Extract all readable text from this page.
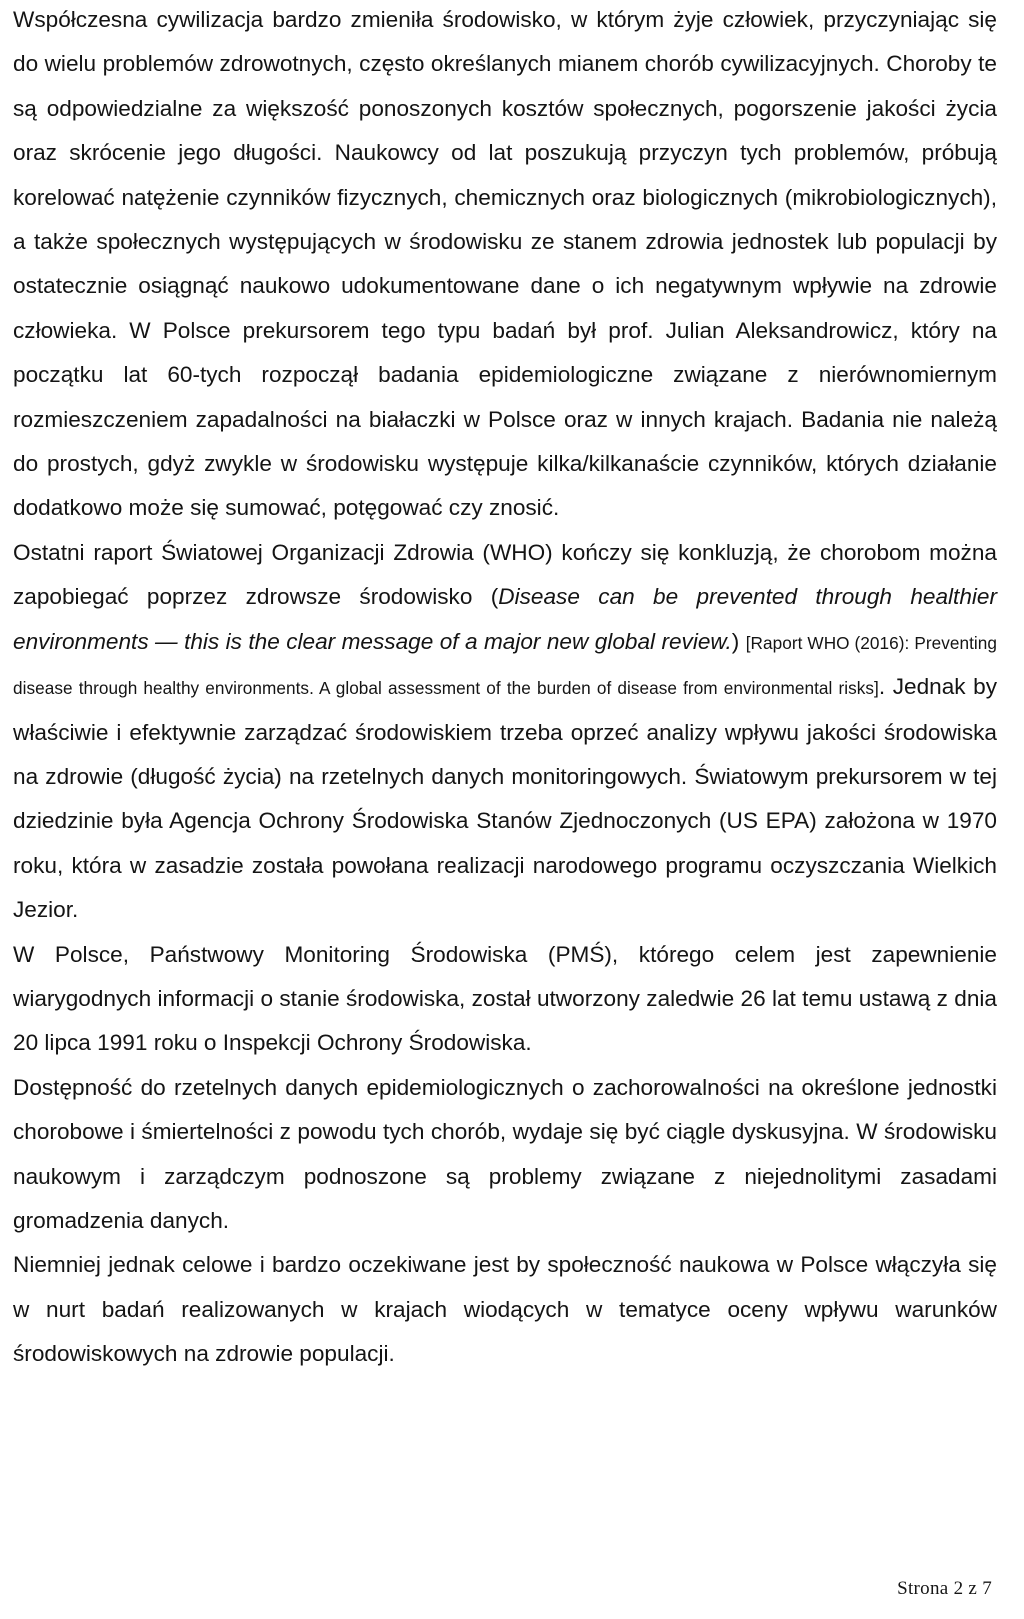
Współczesna cywilizacja bardzo zmieniła środowisko, w którym żyje człowiek, przyczyniając się do wielu problemów zdrowotnych, często określanych mianem chorób cywilizacyjnych. Choroby te są odpowiedzialne za większość ponoszonych kosztów społecznych, pogorszenie jakości życia oraz skrócenie jego długości. Naukowcy od lat poszukują przyczyn tych problemów, próbują korelować natężenie czynników fizycznych, chemicznych oraz biologicznych (mikrobiologicznych), a także społecznych występujących w środowisku ze stanem zdrowia jednostek lub populacji by ostatecznie osiągnąć naukowo udokumentowane dane o ich negatywnym wpływie na zdrowie człowieka. W Polsce prekursorem tego typu badań był prof. Julian Aleksandrowicz, który na początku lat 60-tych rozpoczął badania epidemiologiczne związane z nierównomiernym rozmieszczeniem zapadalności na białaczki w Polsce oraz w innych krajach. Badania nie należą do prostych, gdyż zwykle w środowisku występuje kilka/kilkanaście czynników, których działanie dodatkowo może się sumować, potęgować czy znosić.

Ostatni raport Światowej Organizacji Zdrowia (WHO) kończy się konkluzją, że chorobom można zapobiegać poprzez zdrowsze środowisko (Disease can be prevented through healthier environments — this is the clear message of a major new global review.) [Raport WHO (2016): Preventing disease through healthy environments. A global assessment of the burden of disease from environmental risks]. Jednak by właściwie i efektywnie zarządzać środowiskiem trzeba oprzeć analizy wpływu jakości środowiska na zdrowie (długość życia) na rzetelnych danych monitoringowych. Światowym prekursorem w tej dziedzinie była Agencja Ochrony Środowiska Stanów Zjednoczonych (US EPA) założona w 1970 roku, która w zasadzie została powołana realizacji narodowego programu oczyszczania Wielkich Jezior.

W Polsce, Państwowy Monitoring Środowiska (PMŚ), którego celem jest zapewnienie wiarygodnych informacji o stanie środowiska, został utworzony zaledwie 26 lat temu ustawą z dnia 20 lipca 1991 roku o Inspekcji Ochrony Środowiska.

Dostępność do rzetelnych danych epidemiologicznych o zachorowalności na określone jednostki chorobowe i śmiertelności z powodu tych chorób, wydaje się być ciągle dyskusyjna. W środowisku naukowym i zarządczym podnoszone są problemy związane z niejednolitymi zasadami gromadzenia danych.

Niemniej jednak celowe i bardzo oczekiwane jest by społeczność naukowa w Polsce włączyła się w nurt badań realizowanych w krajach wiodących w tematyce oceny wpływu warunków środowiskowych na zdrowie populacji.

Strona 2 z 7
